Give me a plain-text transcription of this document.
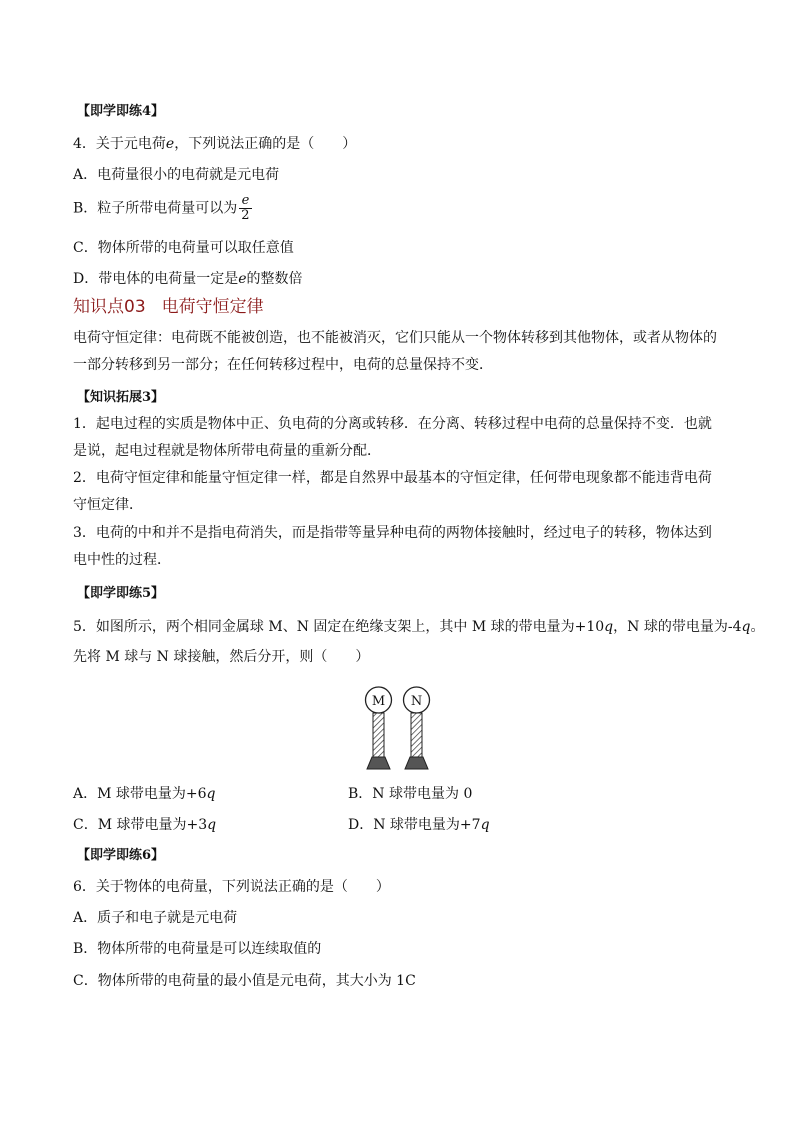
【即学即练4】
4．关于元电荷e，下列说法正确的是（　　）
A．电荷量很小的电荷就是元电荷
B．粒子所带电荷量可以为 $\frac{e}{2}$
C．物体所带的电荷量可以取任意值
D．带电体的电荷量一定是e的整数倍
知识点03 电荷守恒定律
电荷守恒定律：电荷既不能被创造，也不能被消灭，它们只能从一个物体转移到其他物体，或者从物体的一部分转移到另一部分；在任何转移过程中，电荷的总量保持不变．
【知识拓展3】
1．起电过程的实质是物体中正、负电荷的分离或转移．在分离、转移过程中电荷的总量保持不变．也就是说，起电过程就是物体所带电荷量的重新分配．
2．电荷守恒定律和能量守恒定律一样，都是自然界中最基本的守恒定律，任何带电现象都不能违背电荷守恒定律．
3．电荷的中和并不是指电荷消失，而是指带等量异种电荷的两物体接触时，经过电子的转移，物体达到电中性的过程．
【即学即练5】
5．如图所示，两个相同金属球 M、N 固定在绝缘支架上，其中 M 球的带电量为+10q，N 球的带电量为-4q。
先将 M 球与 N 球接触，然后分开，则（　　）
M N
A．M 球带电量为+6q	B．N 球带电量为 0
C．M 球带电量为+3q	D．N 球带电量为+7q
【即学即练6】
6．关于物体的电荷量，下列说法正确的是（　　）
A．质子和电子就是元电荷
B．物体所带的电荷量是可以连续取值的
C．物体所带的电荷量的最小值是元电荷，其大小为 1C
